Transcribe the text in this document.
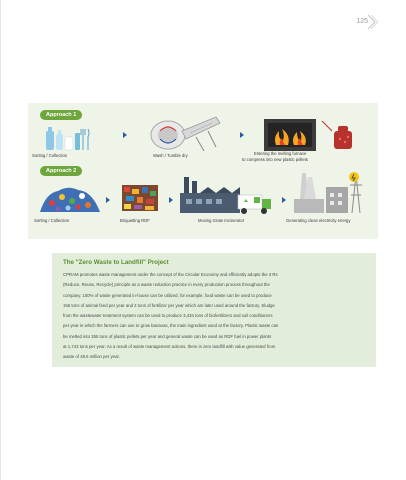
125
Approach 1
Sorting / Collection	Wash / Tumble dry	Entering the melting furnace
to compress into new plastic pellets
Approach 2
Sorting / Collection	Briquetting RDF	Moving Grate Incinerator	Generating clean electricity energy
The "Zero Waste to Landfill" Project

CPRAM promotes waste management under the concept of the Circular Economy and efficiently adopts the 3 Rs
(Reduce, Reuse, Recycle) principle as a waste reduction practice in every production process throughout the
company. 100% of waste generated in-house can be utilized, for example, food waste can be used to produce
156 tons of animal feed per year and 2 tons of fertilizer per year which are later used around the factory. Sludge
from the wastewater treatment system can be used to produce 3,434 tons of biofertilizers and soil conditioners
per year in which the farmers can use to grow bananas, the main ingredient used at the factory. Plastic waste can
be melted into 355 tons of plastic pellets per year and general waste can be used as RDF fuel in power plants
at 1,743 tons per year. As a result of waste management actions, there is zero landfill with value generated from
waste of 49.6 million per year.
